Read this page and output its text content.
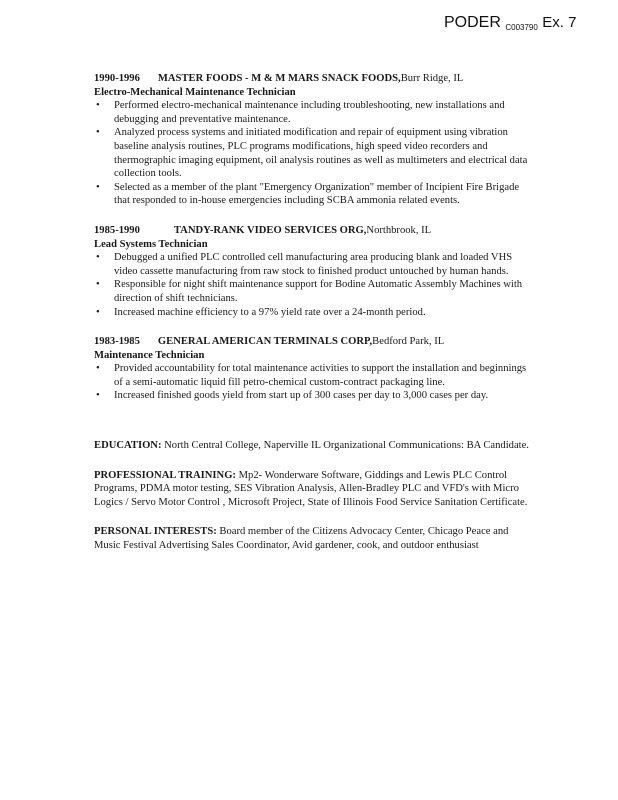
PODER C003790 Ex. 7
1990-1996 MASTER FOODS - M & M MARS SNACK FOODS, Burr Ridge, IL
Electro-Mechanical Maintenance Technician
• Performed electro-mechanical maintenance including troubleshooting, new installations and debugging and preventative maintenance.
• Analyzed process systems and initiated modification and repair of equipment using vibration baseline analysis routines, PLC programs modifications, high speed video recorders and thermographic imaging equipment, oil analysis routines as well as multimeters and electrical data collection tools.
• Selected as a member of the plant "Emergency Organization" member of Incipient Fire Brigade that responded to in-house emergencies including SCBA ammonia related events.
1985-1990	TANDY-RANK VIDEO SERVICES ORG, Northbrook, IL
Lead Systems Technician
• Debugged a unified PLC controlled cell manufacturing area producing blank and loaded VHS video cassette manufacturing from raw stock to finished product untouched by human hands.
• Responsible for night shift maintenance support for Bodine Automatic Assembly Machines with direction of shift technicians.
• Increased machine efficiency to a 97% yield rate over a 24-month period.
1983-1985 GENERAL AMERICAN TERMINALS CORP, Bedford Park, IL
Maintenance Technician
• Provided accountability for total maintenance activities to support the installation and beginnings of a semi-automatic liquid fill petro-chemical custom-contract packaging line.
• Increased finished goods yield from start up of 300 cases per day to 3,000 cases per day.
EDUCATION: North Central College, Naperville IL Organizational Communications: BA Candidate.
PROFESSIONAL TRAINING: Mp2- Wonderware Software, Giddings and Lewis PLC Control Programs, PDMA motor testing, SES Vibration Analysis, Allen-Bradley PLC and VFD's with Micro Logics / Servo Motor Control , Microsoft Project, State of Illinois Food Service Sanitation Certificate.
PERSONAL INTERESTS: Board member of the Citizens Advocacy Center, Chicago Peace and Music Festival Advertising Sales Coordinator, Avid gardener, cook, and outdoor enthusiast
